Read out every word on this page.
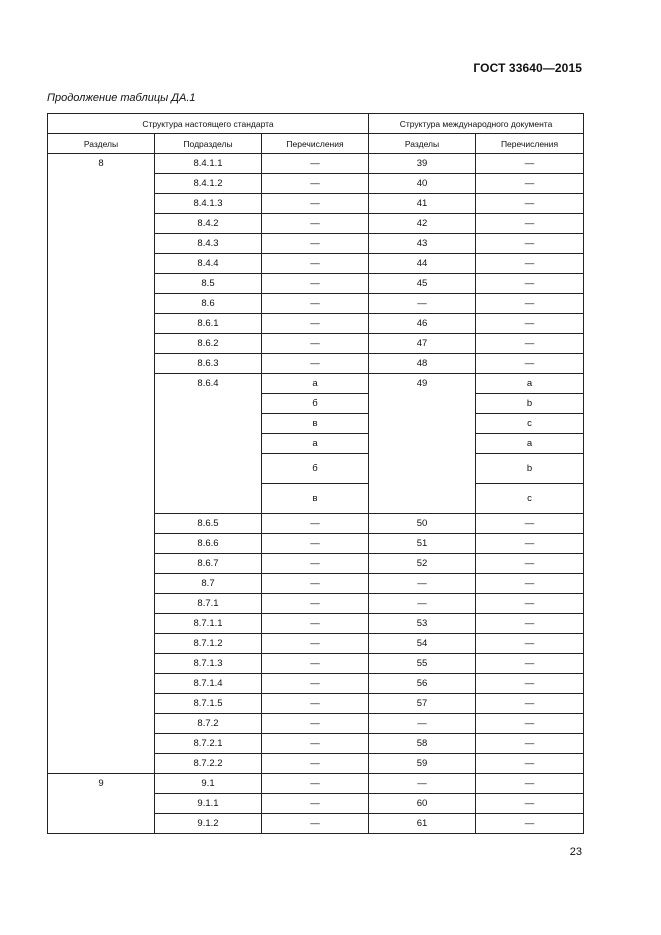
ГОСТ 33640—2015
Продолжение таблицы ДА.1
Структура настоящего стандарта			Структура международного документа	
Разделы	Подразделы	Перечисления	Разделы	Перечисления
8	8.4.1.1	—	39	—
	8.4.1.2	—	40	—
	8.4.1.3	—	41	—
	8.4.2	—	42	—
	8.4.3	—	43	—
	8.4.4	—	44	—
	8.5	—	45	—
	8.6	—	—	—
	8.6.1	—	46	—
	8.6.2	—	47	—
	8.6.3	—	48	—
	8.6.4	а	49	a
		б		b
		в		c
		а		a
		б		b
		в		c
	8.6.5	—	50	—
	8.6.6	—	51	—
	8.6.7	—	52	—
	8.7	—	—	—
	8.7.1	—	—	—
	8.7.1.1	—	53	—
	8.7.1.2	—	54	—
	8.7.1.3	—	55	—
	8.7.1.4	—	56	—
	8.7.1.5	—	57	—
	8.7.2	—	—	—
	8.7.2.1	—	58	—
	8.7.2.2	—	59	—
9	9.1	—	—	—
	9.1.1	—	60	—
	9.1.2	—	61	—
23
